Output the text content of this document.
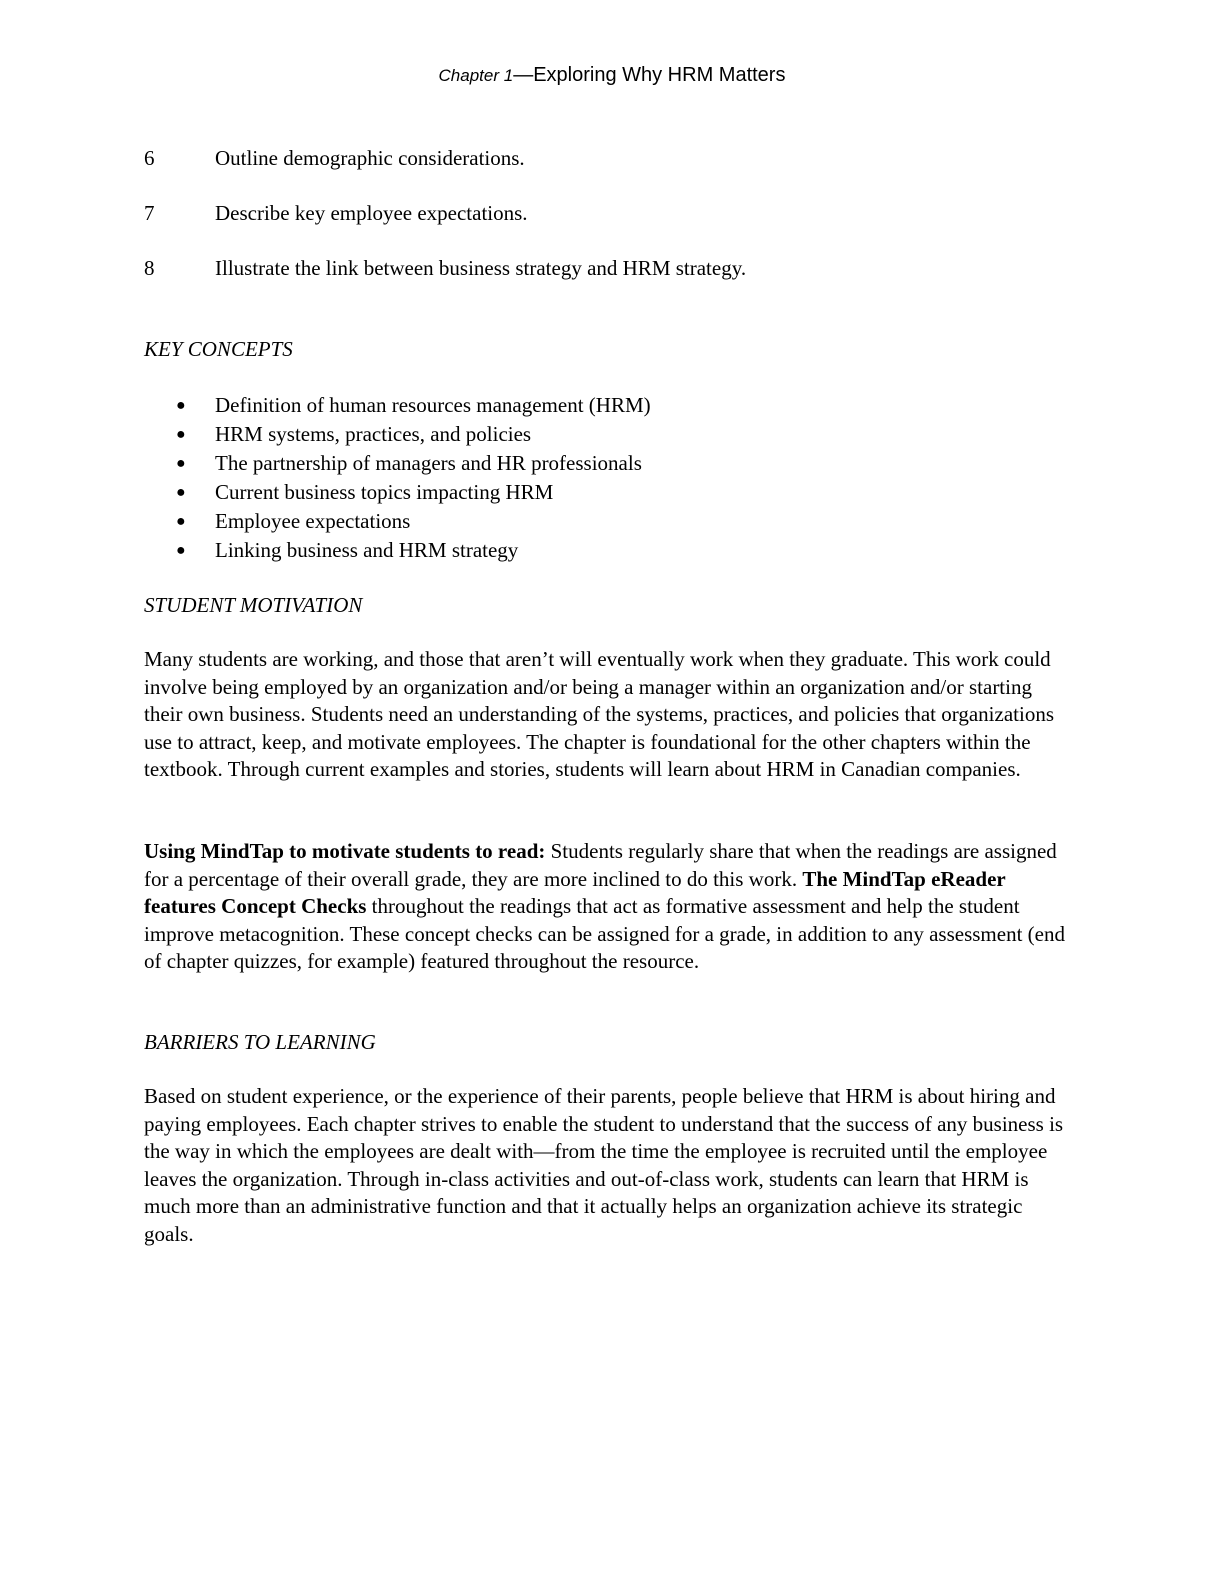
Chapter 1—Exploring Why HRM Matters
6	Outline demographic considerations.
7	Describe key employee expectations.
8	Illustrate the link between business strategy and HRM strategy.
KEY CONCEPTS
●	Definition of human resources management (HRM)
●	HRM systems, practices, and policies
●	The partnership of managers and HR professionals
●	Current business topics impacting HRM
●	Employee expectations
●	Linking business and HRM strategy
STUDENT MOTIVATION

Many students are working, and those that aren’t will eventually work when they graduate. This work could involve being employed by an organization and/or being a manager within an organization and/or starting their own business. Students need an understanding of the systems, practices, and policies that organizations use to attract, keep, and motivate employees. The chapter is foundational for the other chapters within the textbook. Through current examples and stories, students will learn about HRM in Canadian companies.

Using MindTap to motivate students to read: Students regularly share that when the readings are assigned for a percentage of their overall grade, they are more inclined to do this work. The MindTap eReader features Concept Checks throughout the readings that act as formative assessment and help the student improve metacognition. These concept checks can be assigned for a grade, in addition to any assessment (end of chapter quizzes, for example) featured throughout the resource.

BARRIERS TO LEARNING

Based on student experience, or the experience of their parents, people believe that HRM is about hiring and paying employees. Each chapter strives to enable the student to understand that the success of any business is the way in which the employees are dealt with—from the time the employee is recruited until the employee leaves the organization. Through in-class activities and out-of-class work, students can learn that HRM is much more than an administrative function and that it actually helps an organization achieve its strategic goals.
